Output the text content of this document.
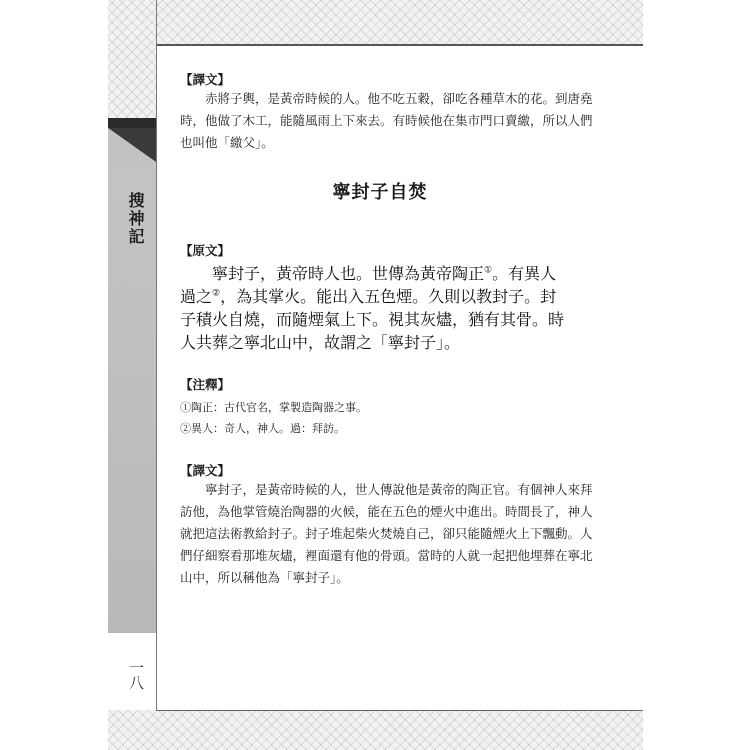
搜神記
一八
【譯文】

赤將子輿，是黃帝時候的人。他不吃五穀，卻吃各種草木的花。到唐堯時，他做了木工，能隨風雨上下來去。有時候他在集市門口賣繳，所以人們也叫他「繳父」。

寧封子自焚
【原文】

寧封子，黃帝時人也。世傳為黃帝陶正①。有異人過之②，為其掌火。能出入五色煙。久則以教封子。封子積火自燒，而隨煙氣上下。視其灰燼，猶有其骨。時人共葬之寧北山中，故謂之「寧封子」。

【注釋】
①陶正：古代官名，掌製造陶器之事。
②異人：奇人，神人。過：拜訪。
【譯文】

寧封子，是黃帝時候的人，世人傳說他是黃帝的陶正官。有個神人來拜訪他，為他掌管燒治陶器的火候，能在五色的煙火中進出。時間長了，神人就把這法術教給封子。封子堆起柴火焚燒自己，卻只能隨煙火上下飄動。人們仔細察看那堆灰燼，裡面還有他的骨頭。當時的人就一起把他埋葬在寧北山中，所以稱他為「寧封子」。
